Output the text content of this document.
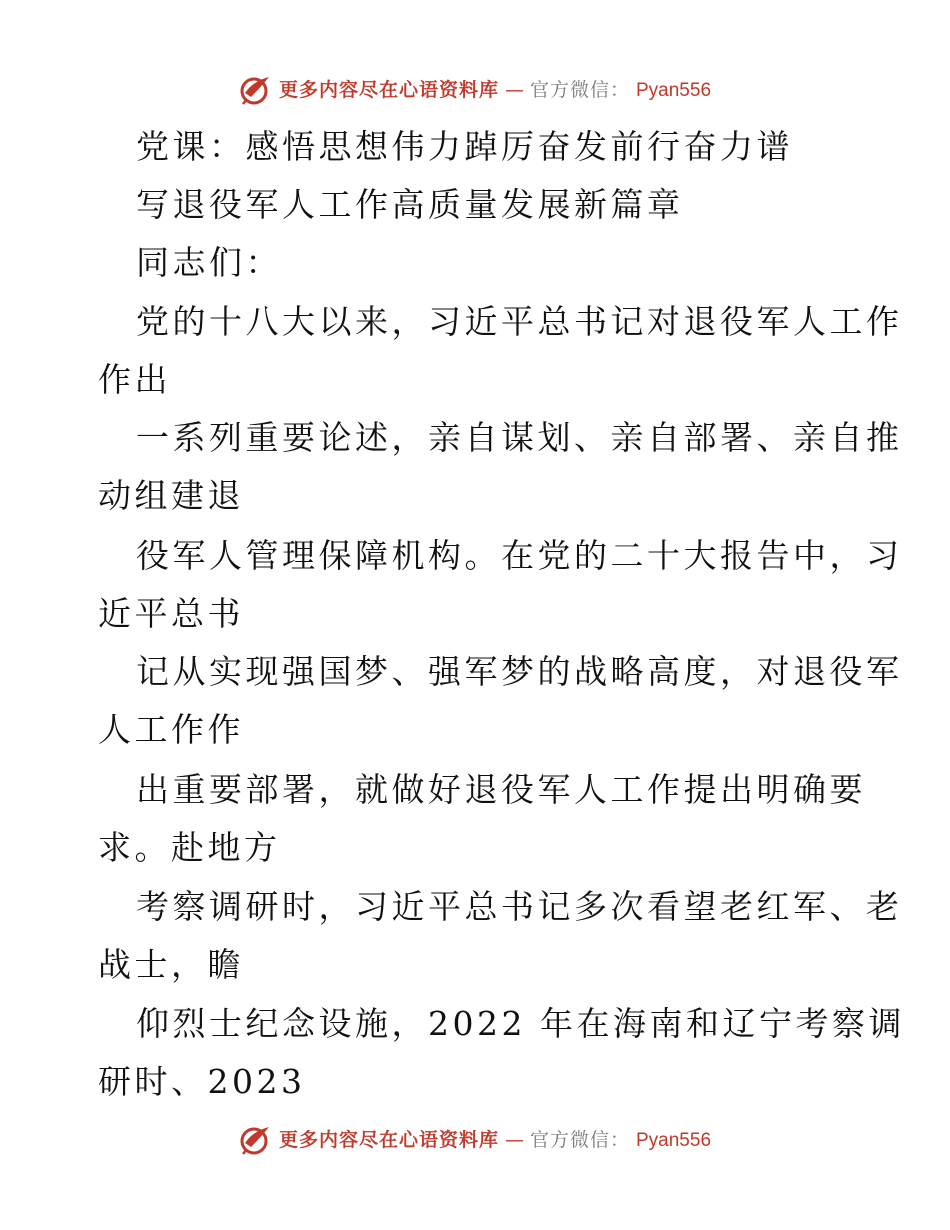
更多内容尽在心语资料库 — 官方微信： Pyan556
党课：感悟思想伟力踔厉奋发前行奋力谱
写退役军人工作高质量发展新篇章
同志们：
党的十八大以来，习近平总书记对退役军人工作
作出
一系列重要论述，亲自谋划、亲自部署、亲自推
动组建退
役军人管理保障机构。在党的二十大报告中，习
近平总书
记从实现强国梦、强军梦的战略高度，对退役军
人工作作
出重要部署，就做好退役军人工作提出明确要
求。赴地方
考察调研时，习近平总书记多次看望老红军、老
战士，瞻
仰烈士纪念设施，2022 年在海南和辽宁考察调
研时、2023
更多内容尽在心语资料库 — 官方微信： Pyan556
